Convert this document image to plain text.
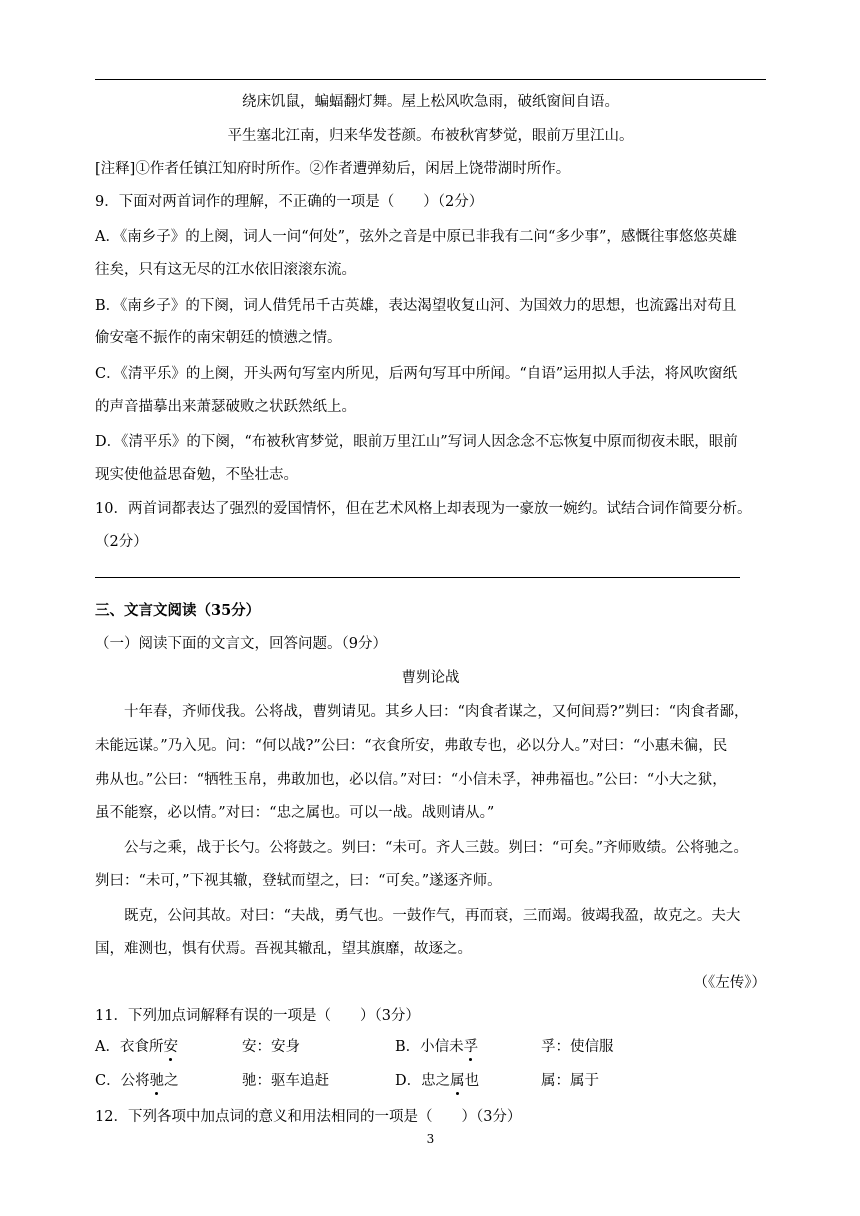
绕床饥鼠，蝙蝠翻灯舞。屋上松风吹急雨，破纸窗间自语。
平生塞北江南，归来华发苍颜。布被秋宵梦觉，眼前万里江山。
[注释]①作者任镇江知府时所作。②作者遭弹劾后，闲居上饶带湖时所作。
9．下面对两首词作的理解，不正确的一项是（　　）（2分）
A．《南乡子》的上阕，词人一问“何处”，弦外之音是中原已非我有二问“多少事”，感慨往事悠悠英雄
往矣，只有这无尽的江水依旧滚滚东流。
B．《南乡子》的下阕，词人借凭吊千古英雄，表达渴望收复山河、为国效力的思想，也流露出对苟且
偷安毫不振作的南宋朝廷的愤懑之情。
C．《清平乐》的上阕，开头两句写室内所见，后两句写耳中所闻。“自语”运用拟人手法，将风吹窗纸
的声音描摹出来萧瑟破败之状跃然纸上。
D．《清平乐》的下阕，“布被秋宵梦觉，眼前万里江山”写词人因念念不忘恢复中原而彻夜未眠，眼前
现实使他益思奋勉，不坠壮志。
10．两首词都表达了强烈的爱国情怀，但在艺术风格上却表现为一豪放一婉约。试结合词作简要分析。
（2分）
三、文言文阅读（35分）
（一）阅读下面的文言文，回答问题。（9分）
曹刿论战
十年春，齐师伐我。公将战，曹刿请见。其乡人曰：“肉食者谋之，又何间焉?”刿曰：“肉食者鄙，
未能远谋。”乃入见。问：“何以战?”公曰：“衣食所安，弗敢专也，必以分人。”对曰：“小惠未徧，民
弗从也。”公曰：“牺牲玉帛，弗敢加也，必以信。”对曰：“小信未孚，神弗福也。”公曰：“小大之狱，
虽不能察，必以情。”对曰：“忠之属也。可以一战。战则请从。”
公与之乘，战于长勺。公将鼓之。刿曰：“未可。齐人三鼓。刿曰：“可矣。”齐师败绩。公将驰之。
刿曰：“未可，”下视其辙，登轼而望之，曰：“可矣。”遂逐齐师。
既克，公问其故。对曰：“夫战，勇气也。一鼓作气，再而衰，三而竭。彼竭我盈，故克之。夫大
国，难测也，惧有伏焉。吾视其辙乱，望其旗靡，故逐之。
（《左传》）
11．下列加点词解释有误的一项是（　　）（3分）
A．衣食所安	安：安身	B．小信未孚	孚：使信服
C．公将驰之	驰：驱车追赶	D．忠之属也	属：属于
12．下列各项中加点词的意义和用法相同的一项是（　　）（3分）
3
